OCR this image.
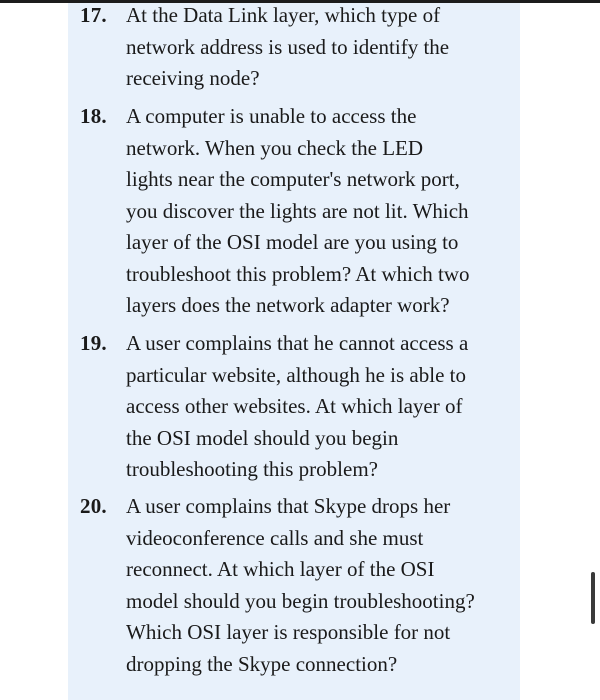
17. At the Data Link layer, which type of
network address is used to identify the
receiving node?
18. A computer is unable to access the
network. When you check the LED
lights near the computer's network port,
you discover the lights are not lit. Which
layer of the OSI model are you using to
troubleshoot this problem? At which two
layers does the network adapter work?
19. A user complains that he cannot access a
particular website, although he is able to
access other websites. At which layer of
the OSI model should you begin
troubleshooting this problem?
20. A user complains that Skype drops her
videoconference calls and she must
reconnect. At which layer of the OSI
model should you begin troubleshooting?
Which OSI layer is responsible for not
dropping the Skype connection?
